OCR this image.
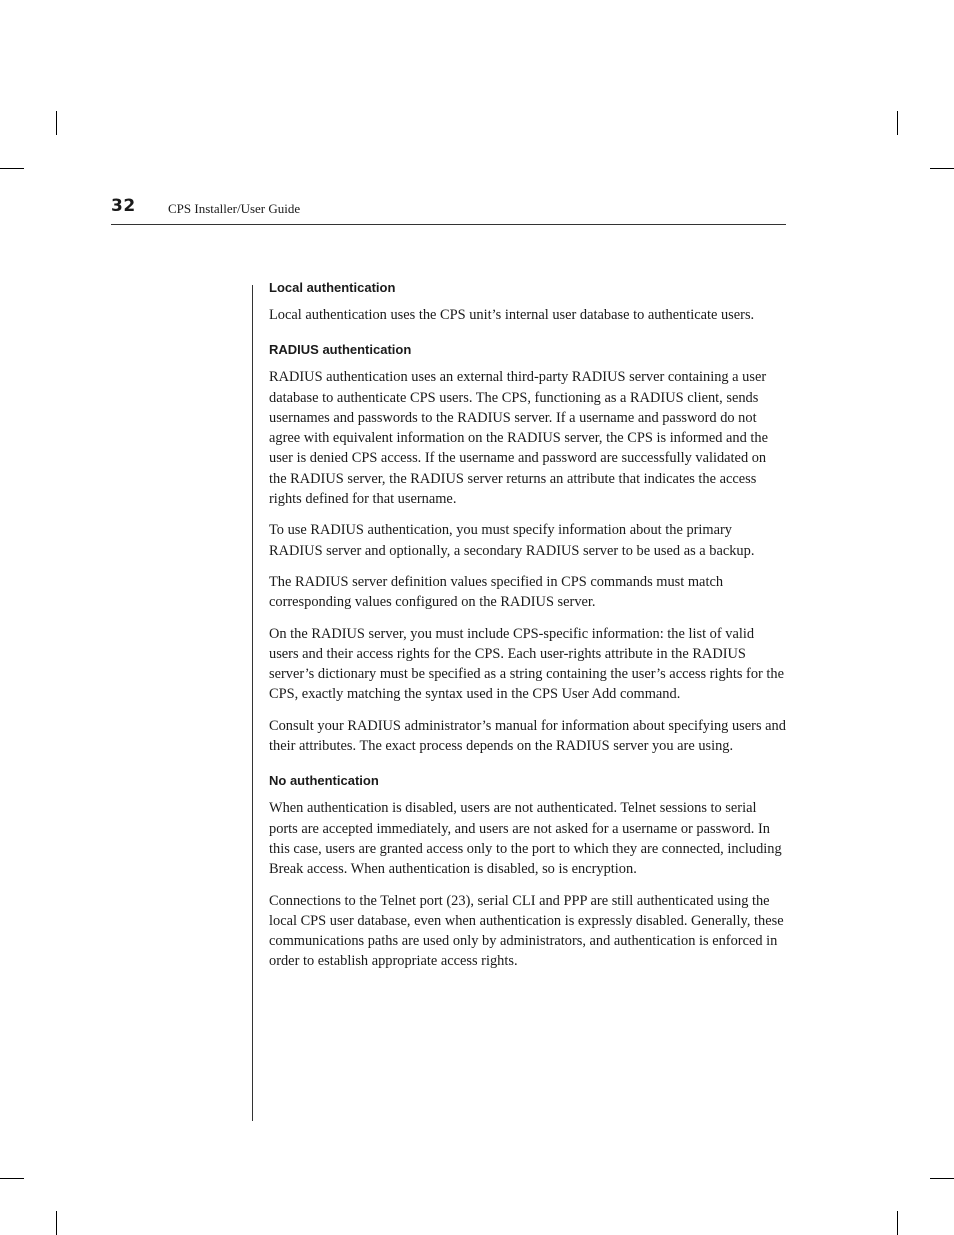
32 CPS Installer/User Guide
Local authentication

Local authentication uses the CPS unit’s internal user database to authenticate users.

RADIUS authentication

RADIUS authentication uses an external third-party RADIUS server containing a user database to authenticate CPS users. The CPS, functioning as a RADIUS client, sends usernames and passwords to the RADIUS server. If a username and password do not agree with equivalent information on the RADIUS server, the CPS is informed and the user is denied CPS access. If the username and password are successfully validated on the RADIUS server, the RADIUS server returns an attribute that indicates the access rights defined for that username.

To use RADIUS authentication, you must specify information about the primary RADIUS server and optionally, a secondary RADIUS server to be used as a backup.

The RADIUS server definition values specified in CPS commands must match corresponding values configured on the RADIUS server.

On the RADIUS server, you must include CPS-specific information: the list of valid users and their access rights for the CPS. Each user-rights attribute in the RADIUS server’s dictionary must be specified as a string containing the user’s access rights for the CPS, exactly matching the syntax used in the CPS User Add command.

Consult your RADIUS administrator’s manual for information about specifying users and their attributes. The exact process depends on the RADIUS server you are using.

No authentication

When authentication is disabled, users are not authenticated. Telnet sessions to serial ports are accepted immediately, and users are not asked for a username or password. In this case, users are granted access only to the port to which they are connected, including Break access. When authentication is disabled, so is encryption.

Connections to the Telnet port (23), serial CLI and PPP are still authenticated using the local CPS user database, even when authentication is expressly disabled. Generally, these communications paths are used only by administrators, and authentication is enforced in order to establish appropriate access rights.
